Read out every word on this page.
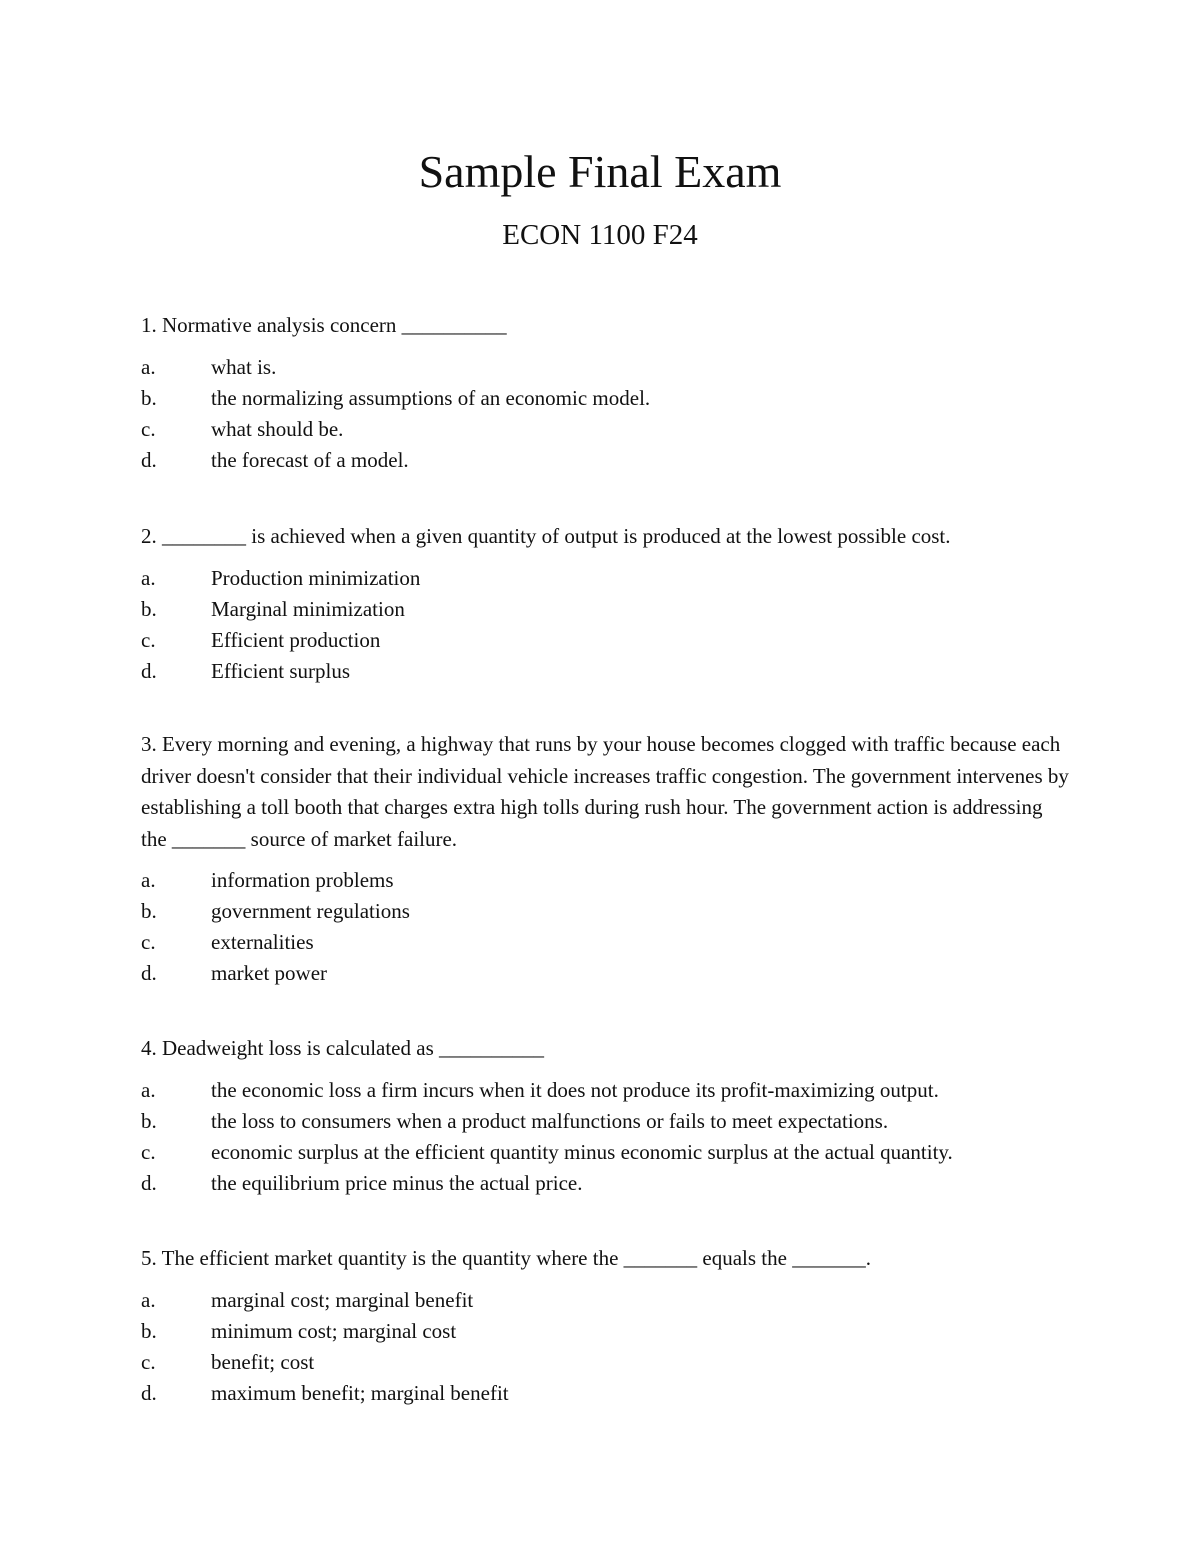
Sample Final Exam
ECON 1100 F24

1. Normative analysis concern __________

a.	what is.
b.	the normalizing assumptions of an economic model.
c.	what should be.
d.	the forecast of a model.

2. ________ is achieved when a given quantity of output is produced at the lowest possible cost.

a.	Production minimization
b.	Marginal minimization
c.	Efficient production
d.	Efficient surplus

3. Every morning and evening, a highway that runs by your house becomes clogged with traffic because each driver doesn't consider that their individual vehicle increases traffic congestion. The government intervenes by establishing a toll booth that charges extra high tolls during rush hour. The government action is addressing the _______ source of market failure.

a.	information problems
b.	government regulations
c.	externalities
d.	market power

4. Deadweight loss is calculated as __________

a.	the economic loss a firm incurs when it does not produce its profit-maximizing output.
b.	the loss to consumers when a product malfunctions or fails to meet expectations.
c.	economic surplus at the efficient quantity minus economic surplus at the actual quantity.
d.	the equilibrium price minus the actual price.

5. The efficient market quantity is the quantity where the _______ equals the _______.

a.	marginal cost; marginal benefit
b.	minimum cost; marginal cost
c.	benefit; cost
d.	maximum benefit; marginal benefit
